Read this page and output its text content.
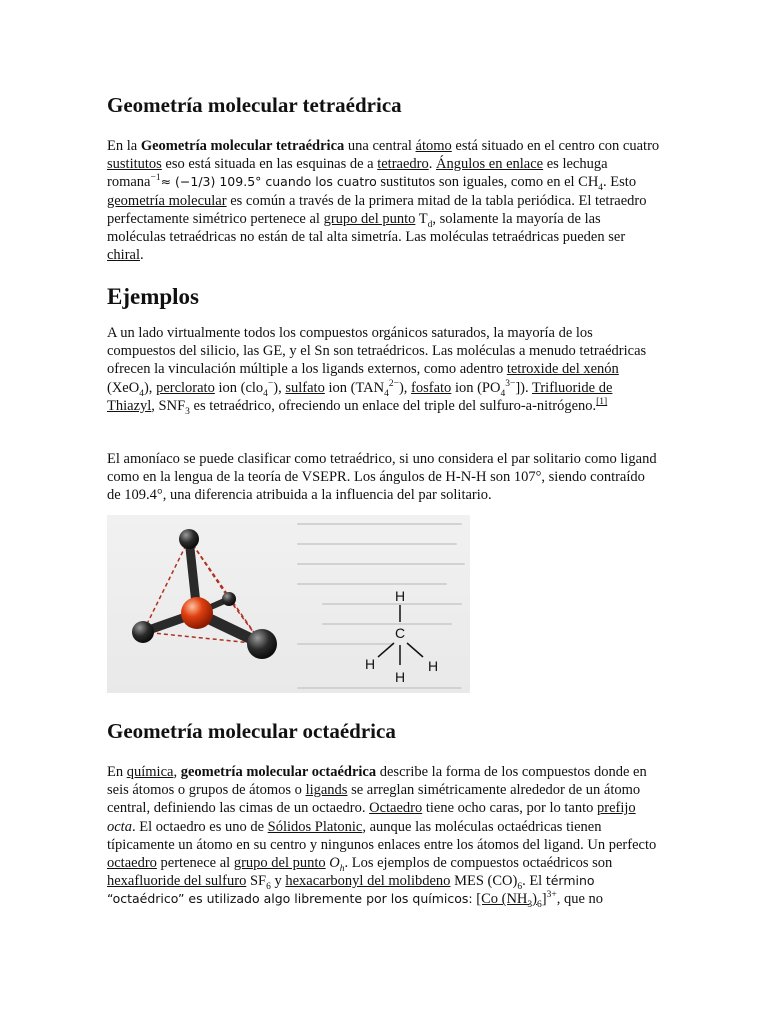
Geometría molecular tetraédrica

En la Geometría molecular tetraédrica una central átomo está situado en el centro con cuatro sustitutos eso está situada en las esquinas de a tetraedro. Ángulos en enlace es lechuga romana$^{-1}$≈ (−1/3) 109.5° cuando los cuatro sustitutos son iguales, como en el $CH_4$. Esto geometría molecular es común a través de la primera mitad de la tabla periódica. El tetraedro perfectamente simétrico pertenece al grupo del punto $T_d$, solamente la mayoría de las moléculas tetraédricas no están de tal alta simetría. Las moléculas tetraédricas pueden ser chiral.

Ejemplos

A un lado virtualmente todos los compuestos orgánicos saturados, la mayoría de los compuestos del silicio, las GE, y el Sn son tetraédricos. Las moléculas a menudo tetraédricas ofrecen la vinculación múltiple a los ligands externos, como adentro tetroxide del xenón (XeO$_4$), perclorato ion (clo$_4$−), sulfato ion $(TAN_4^{2-})$, fosfato ion $(PO_4^{3-}]$). Trifluoride de Thiazyl, $SNF_3$ es tetraédrico, ofreciendo un enlace del triple del sulfuro-a-nitrógeno.[1]

El amoníaco se puede clasificar como tetraédrico, si uno considera el par solitario como ligand como en la lengua de la teoría de VSEPR. Los ángulos de H-N-H son 107°, siendo contraído de 109.4°, una diferencia atribuida a la influencia del par solitario.

H
C
H	H
H
Geometría molecular octaédrica

En química, geometría molecular octaédrica describe la forma de los compuestos donde en seis átomos o grupos de átomos o ligands se arreglan simétricamente alrededor de un átomo central, definiendo las cimas de un octaedro. Octaedro tiene ocho caras, por lo tanto prefijo octa. El octaedro es uno de Sólidos Platonic, aunque las moléculas octaédricas tienen típicamente un átomo en su centro y ningunos enlaces entre los átomos del ligand. Un perfecto octaedro pertenece al grupo del punto $O_h$. Los ejemplos de compuestos octaédricos son hexafluoride del sulfuro $SF_6$ y hexacarbonyl del molibdeno MES $(CO)_6$. El término “octaédrico” es utilizado algo libremente por los químicos: [Co $(NH_3)_6]^{3+}$, que no
